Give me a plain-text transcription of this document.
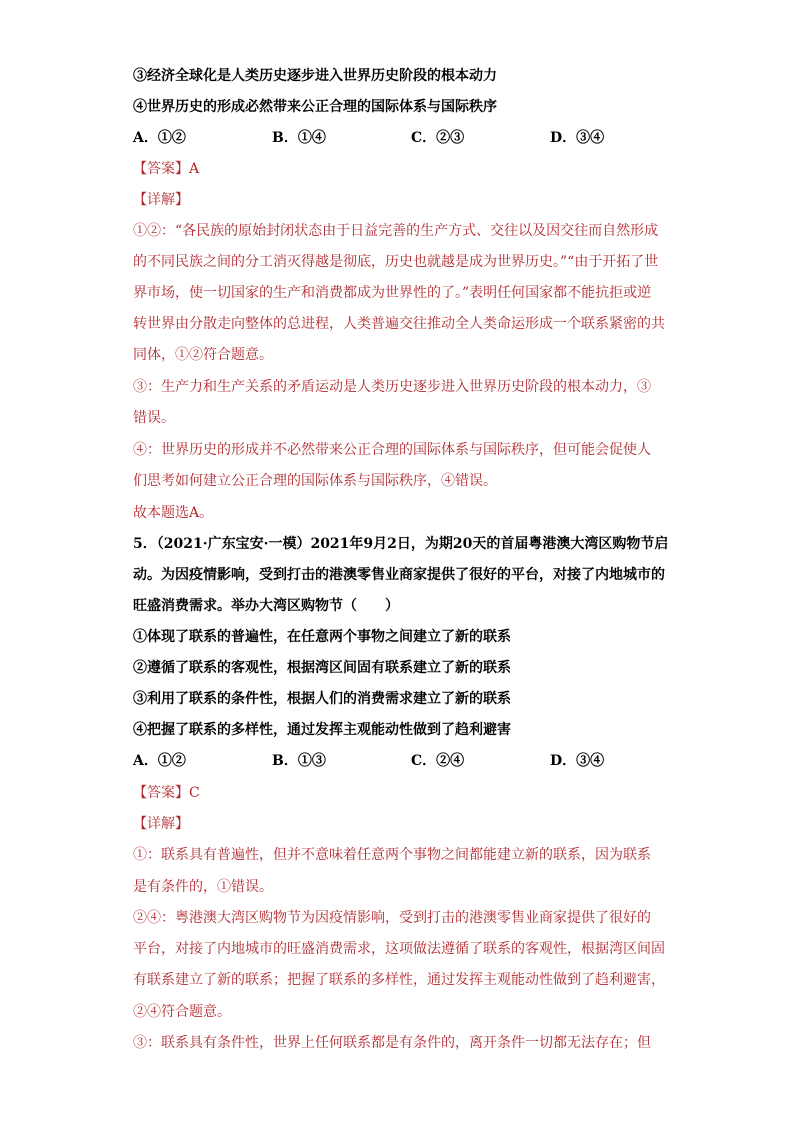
③经济全球化是人类历史逐步进入世界历史阶段的根本动力
④世界历史的形成必然带来公正合理的国际体系与国际秩序
A．①②	B．①④	C．②③	D．③④
【答案】A
【详解】
①②：“各民族的原始封闭状态由于日益完善的生产方式、交往以及因交往而自然形成
的不同民族之间的分工消灭得越是彻底，历史也就越是成为世界历史。”“由于开拓了世
界市场，使一切国家的生产和消费都成为世界性的了。”表明任何国家都不能抗拒或逆
转世界由分散走向整体的总进程，人类普遍交往推动全人类命运形成一个联系紧密的共
同体，①②符合题意。
③：生产力和生产关系的矛盾运动是人类历史逐步进入世界历史阶段的根本动力，③
错误。
④：世界历史的形成并不必然带来公正合理的国际体系与国际秩序，但可能会促使人
们思考如何建立公正合理的国际体系与国际秩序，④错误。
故本题选A。
5．（2021·广东宝安·一模）2021年9月2日，为期20天的首届粤港澳大湾区购物节启
动。为因疫情影响，受到打击的港澳零售业商家提供了很好的平台，对接了内地城市的
旺盛消费需求。举办大湾区购物节（　　）
①体现了联系的普遍性，在任意两个事物之间建立了新的联系
②遵循了联系的客观性，根据湾区间固有联系建立了新的联系
③利用了联系的条件性，根据人们的消费需求建立了新的联系
④把握了联系的多样性，通过发挥主观能动性做到了趋利避害
A．①②	B．①③	C．②④	D．③④
【答案】C
【详解】
①：联系具有普遍性，但并不意味着任意两个事物之间都能建立新的联系，因为联系
是有条件的，①错误。
②④：粤港澳大湾区购物节为因疫情影响，受到打击的港澳零售业商家提供了很好的
平台，对接了内地城市的旺盛消费需求，这项做法遵循了联系的客观性，根据湾区间固
有联系建立了新的联系；把握了联系的多样性，通过发挥主观能动性做到了趋利避害，
②④符合题意。
③：联系具有条件性，世界上任何联系都是有条件的，离开条件一切都无法存在；但
